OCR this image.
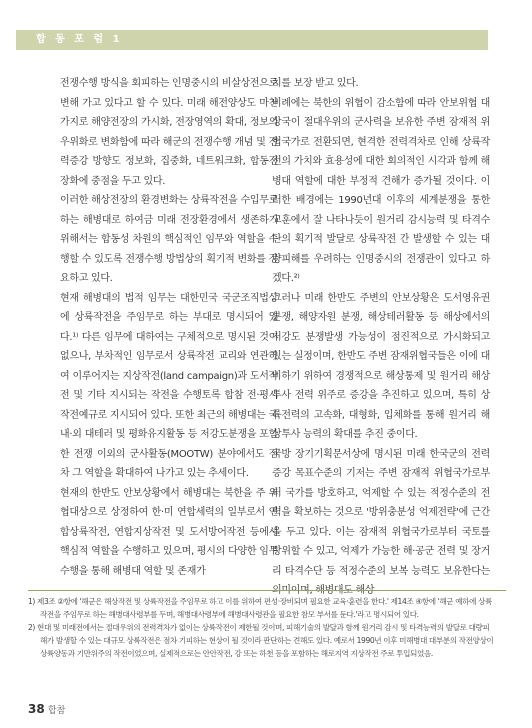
합 동 포 럼 1

전쟁수행 방식을 회피하는 인명중시의 비살상전으로 변해 가고 있다고 할 수 있다. 미래 해전양상도 마찬가지로 해양전장의 가시화, 전장영역의 확대, 정보의 우위화로 변화함에 따라 해군의 전쟁수행 개념 및 전력증강 방향도 정보화, 집중화, 네트워크화, 합동전장화에 중점을 두고 있다.

이러한 해상전장의 환경변화는 상륙작전을 수입무로 하는 해병대로 하여금 미래 전장환경에서 생존하기 위해서는 합동성 차원의 핵심적인 임무와 역할을 수행할 수 있도록 전쟁수행 방법상의 획기적 변화를 강요하고 있다.

현재 해병대의 법적 임무는 대한민국 국군조직법상에 상륙작전을 주임무로 하는 부대로 명시되어 있다.¹⁾ 다른 임무에 대하여는 구체적으로 명시된 것이 없으나, 부차적인 임무로서 상륙작전 교리와 연관하여 이루어지는 지상작전(land campaign)과 도서작전 및 기타 지시되는 작전을 수행토록 합참 전·평시 작전예규로 지시되어 있다. 또한 최근의 해병대는 국내·외 대테러 및 평화유지활동 등 저강도분쟁을 포함한 전쟁 이외의 군사활동(MOOTW) 분야에서도 점차 그 역할을 확대하여 나가고 있는 추세이다.

현재의 한반도 안보상황에서 해병대는 북한을 주 위협대상으로 상정하여 한·미 연합세력의 일부로서 연합상륙작전, 연합지상작전 및 도서방어작전 등에서 핵심적 역할을 수행하고 있으며, 평시의 다양한 임무수행을 통해 해병대 역할 및 존재가

치를 보장 받고 있다.

비례에는 북한의 위협이 감소함에 따라 안보위협 대상국이 절대우위의 군사력을 보유한 주변 잠재적 위협국가로 전환되면, 현격한 전력격차로 인해 상륙작전의 가치와 효용성에 대한 회의적인 시각과 함께 해병대 역할에 대한 부정적 견해가 증가될 것이다. 이러한 배경에는 1990년대 이후의 세계분쟁을 통한 교훈에서 잘 나타나듯이 원거리 감시능력 및 타격수단의 획기적 발달로 상륙작전 간 발생할 수 있는 대량피해를 우려하는 인명중시의 전쟁관이 있다고 하겠다.²⁾

그러나 미래 한반도 주변의 안보상황은 도서영유권 분쟁, 해양자원 분쟁, 해상테러활동 등 해상에서의 저강도 분쟁발생 가능성이 점진적으로 가시화되고 있는 실정이며, 한반도 주변 잠재위협국들은 이에 대비하기 위하여 경쟁적으로 해상통제 및 원거리 해상투사 전력 위주로 증강을 추진하고 있으며, 특히 상륙전력의 고속화, 대형화, 입체화를 통해 원거리 해상투사 능력의 확대를 추진 중이다.

국방 장기기획문서상에 명시된 미래 한국군의 전력증강 목표수준의 기저는 주변 잠재적 위협국가로부터 국가를 방호하고, 억제할 수 있는 적정수준의 전력을 확보하는 것으로 '방위충분성 억제전략'에 근간을 두고 있다. 이는 잠재적 위협국가로부터 국토를 방위할 수 있고, 억제가 가능한 해·공군 전력 및 장거리 타격수단 등 적정수준의 보복 능력도 보유한다는

1) 제3조 ②항에 '해군은 해상작전 및 상륙작전을 주임무로 하고 이를 위하여 편성·장비되며 필요한 교육·훈련을 한다.' 제14조 ④항에 '해군 예하에 상륙작전을 주임무로 하는 해병대사령부를 두며, 해병대사령부에 해병대사령관을 필요한 참모 부서를 둔다.'라고 명시되어 있다.

2) 현대 및 미래전에서는 절대우위의 전력격차가 없이는 상륙작전이 제한될 것이며, 피해기술의 발달과 함께 원거리 감시 및 타격능력의 발달로 대량피해가 발생할 수 있는 대규모 상륙작전은 점차 기피하는 현상이 될 것이라 판단하는 견해도 있다. 예로서 1990년 이후 미해병대 대부분의 작전양상이 상륙양동과 기만위주의 작전이었으며, 실제적으로는 안안작전, 강 또는 하천 등을 포함하는 해로지역 지상작전 주로 투입되었음.

38 합참
